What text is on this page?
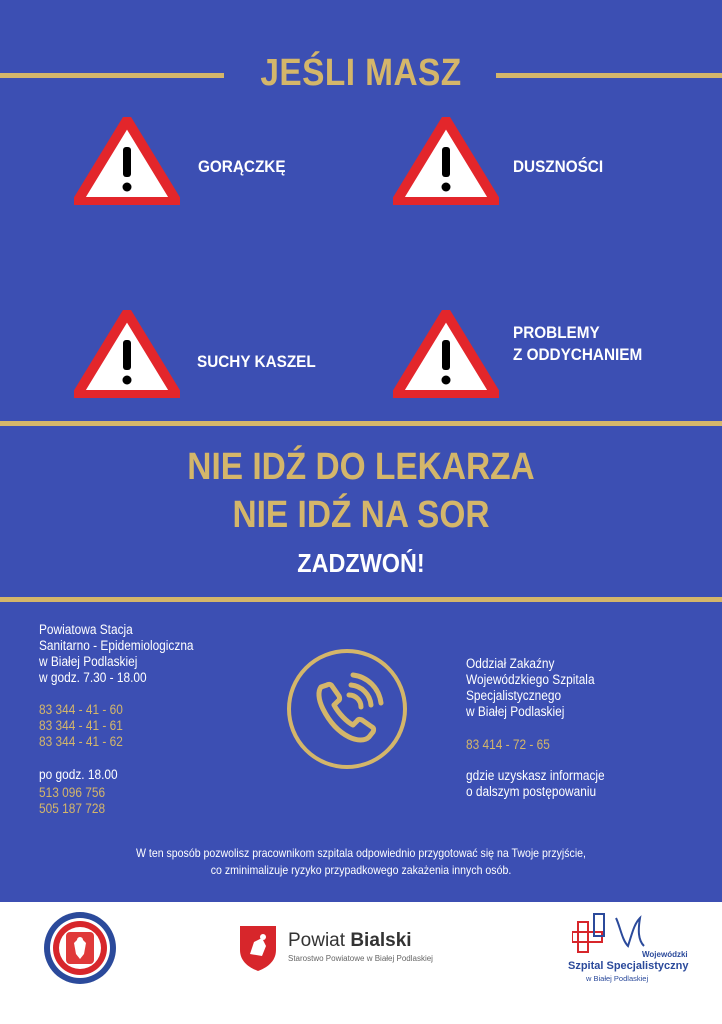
JEŚLI MASZ
GORĄCZKĘ	DUSZNOŚCI
SUCHY KASZEL
PROBLEMY
Z ODDYCHANIEM
NIE IDŹ DO LEKARZA
NIE IDŹ NA SOR
ZADZWOŃ!
Powiatowa Stacja
Sanitarno - Epidemiologiczna
w Białej Podlaskiej
w godz. 7.30 - 18.00
83 344 - 41 - 60
83 344 - 41 - 61
83 344 - 41 - 62
po godz. 18.00
513 096 756
505 187 728
Oddział Zakaźny
Wojewódzkiego Szpitala
Specjalistycznego
w Białej Podlaskiej
83 414 - 72 - 65
gdzie uzyskasz informacje
o dalszym postępowaniu
W ten sposób pozwolisz pracownikom szpitala odpowiednio przygotować się na Twoje przyjście,
co zminimalizuje ryzyko przypadkowego zakażenia innych osób.
Powiat Bialski
Starostwo Powiatowe w Białej Podlaskiej	Wojewódzki
Szpital Specjalistyczny
w Białej Podlaskiej
